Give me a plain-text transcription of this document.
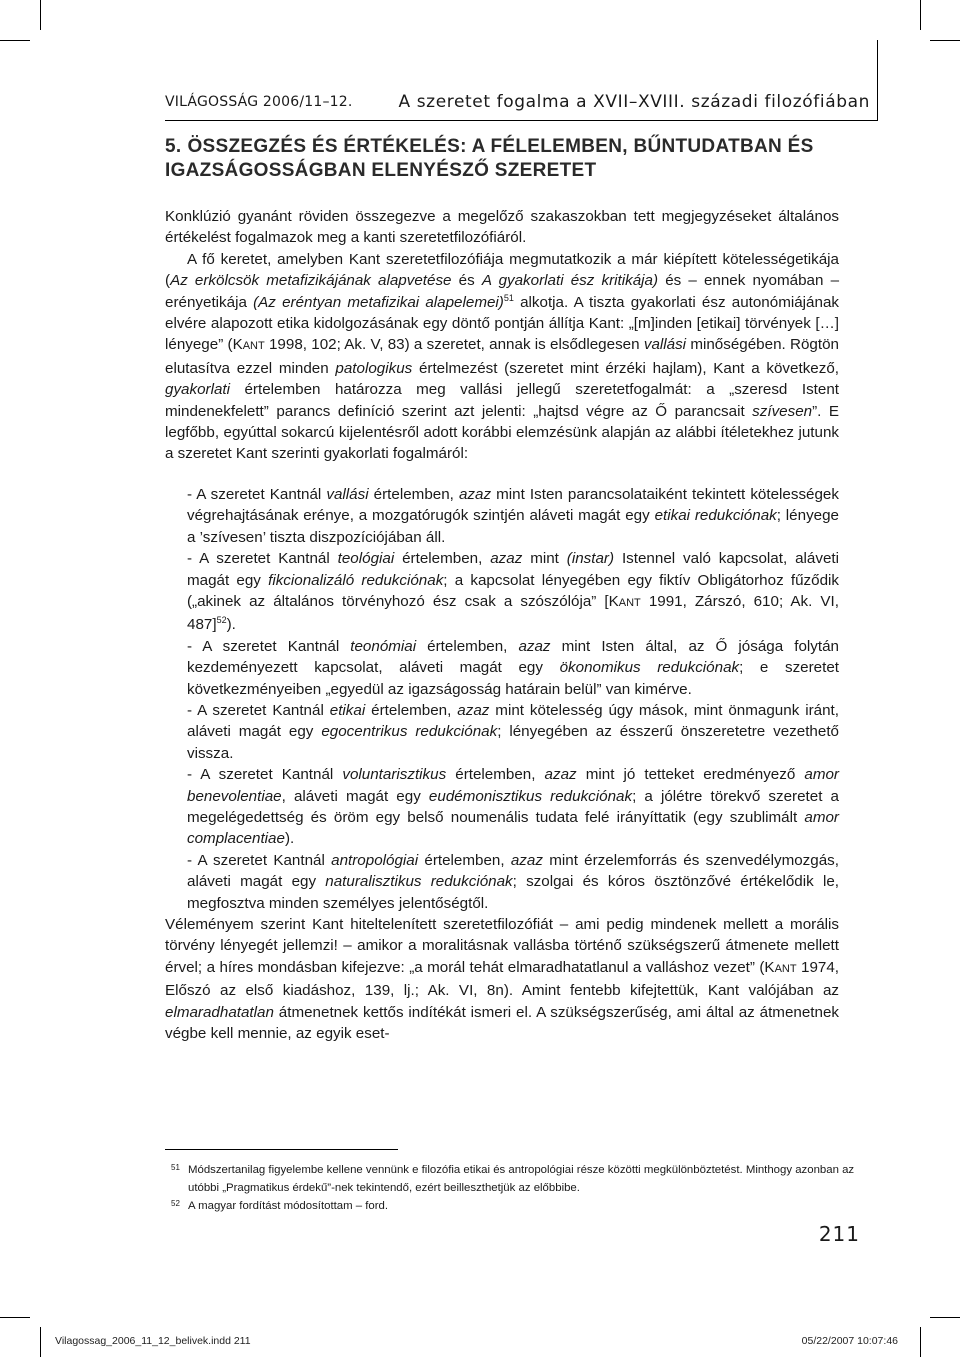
VILÁGOSSÁG 2006/11–12.	A szeretet fogalma a XVII–XVIII. századi filozófiában
5. ÖSSZEGZÉS ÉS ÉRTÉKELÉS: A FÉLELEMBEN, BŰNTUDATBAN ÉS IGAZSÁGOSSÁGBAN ELENYÉSZŐ SZERETET

Konklúzió gyanánt röviden összegezve a megelőző szakaszokban tett megjegyzéseket általános értékelést fogalmazok meg a kanti szeretetfilozófiáról.

A fő keretet, amelyben Kant szeretetfilozófiája megmutatkozik a már kiépített kötelességetikája (Az erkölcsök metafizikájának alapvetése és A gyakorlati ész kritikája) és – ennek nyomában – erényetikája (Az eréntyan metafizikai alapelemei)$^{51}$ alkotja. A tiszta gyakorlati ész autonómiájának elvére alapozott etika kidolgozásának egy döntő pontján állítja Kant: „[m]inden [etikai] törvények […] lényege” (KANT 1998, 102; Ak. V, 83) a szeretet, annak is elsődlegesen vallási minőségében. Rögtön elutasítva ezzel minden patologikus értelmezést (szeretet mint érzéki hajlam), Kant a következő, gyakorlati értelemben határozza meg vallási jellegű szeretetfogalmát: a „szeresd Istent mindenekfelett” parancs definíció szerint azt jelenti: „hajtsd végre az Ő parancsait szívesen”. E legfőbb, egyúttal sokarcú kijelentésről adott korábbi elemzésünk alapján az alábbi ítéletekhez jutunk a szeretet Kant szerinti gyakorlati fogalmáról:

- A szeretet Kantnál vallási értelemben, azaz mint Isten parancsolataiként tekintett kötelességek végrehajtásának erénye, a mozgatórugók szintjén aláveti magát egy etikai redukciónak; lényege a ’szívesen’ tiszta diszpozíciójában áll.

- A szeretet Kantnál teológiai értelemben, azaz mint (instar) Istennel való kapcsolat, aláveti magát egy fikcionalizáló redukciónak; a kapcsolat lényegében egy fiktív Obligátorhoz fűződik („akinek az általános törvényhozó ész csak a szószólója” [KANT 1991, Zárszó, 610; Ak. VI, 487]$^{52}$).

- A szeretet Kantnál teonómiai értelemben, azaz mint Isten által, az Ő jósága folytán kezdeményezett kapcsolat, aláveti magát egy ökonomikus redukciónak; e szeretet következményeiben „egyedül az igazságosság határain belül” van kimérve.

- A szeretet Kantnál etikai értelemben, azaz mint kötelesség úgy mások, mint önmagunk iránt, aláveti magát egy egocentrikus redukciónak; lényegében az ésszerű önszeretetre vezethető vissza.

- A szeretet Kantnál voluntarisztikus értelemben, azaz mint jó tetteket eredményező amor benevolentiae, aláveti magát egy eudémonisztikus redukciónak; a jólétre törekvő szeretet a megelégedettség és öröm egy belső noumenális tudata felé irányíttatik (egy szublimált amor complacentiae).

- A szeretet Kantnál antropológiai értelemben, azaz mint érzelemforrás és szenvedélymozgás, aláveti magát egy naturalisztikus redukciónak; szolgai és kóros ösztönzővé értékelődik le, megfosztva minden személyes jelentőségtől.

Véleményem szerint Kant hiteltelenített szeretetfilozófiát – ami pedig mindenek mellett a morális törvény lényegét jellemzi! – amikor a moralitásnak vallásba történő szükségszerű átmenete mellett érvel; a híres mondásban kifejezve: „a morál tehát elmaradhatatlanul a valláshoz vezet” (KANT 1974, Előszó az első kiadáshoz, 139, lj.; Ak. VI, 8n). Amint fentebb kifejtettük, Kant valójában az elmaradhatatlan átmenetnek kettős indítékát ismeri el. A szükségszerűség, ami által az átmenetnek végbe kell mennie, az egyik eset-

51 Módszertanilag figyelembe kellene vennünk e filozófia etikai és antropológiai része közötti megkülönböztetést. Minthogy azonban az utóbbi „Pragmatikus érdekű”-nek tekintendő, ezért beilleszthetjük az előbbibe.

52 A magyar fordítást módosítottam – ford.

211
Vilagossag_2006_11_12_belivek.indd 211	05/22/2007 10:07:46
